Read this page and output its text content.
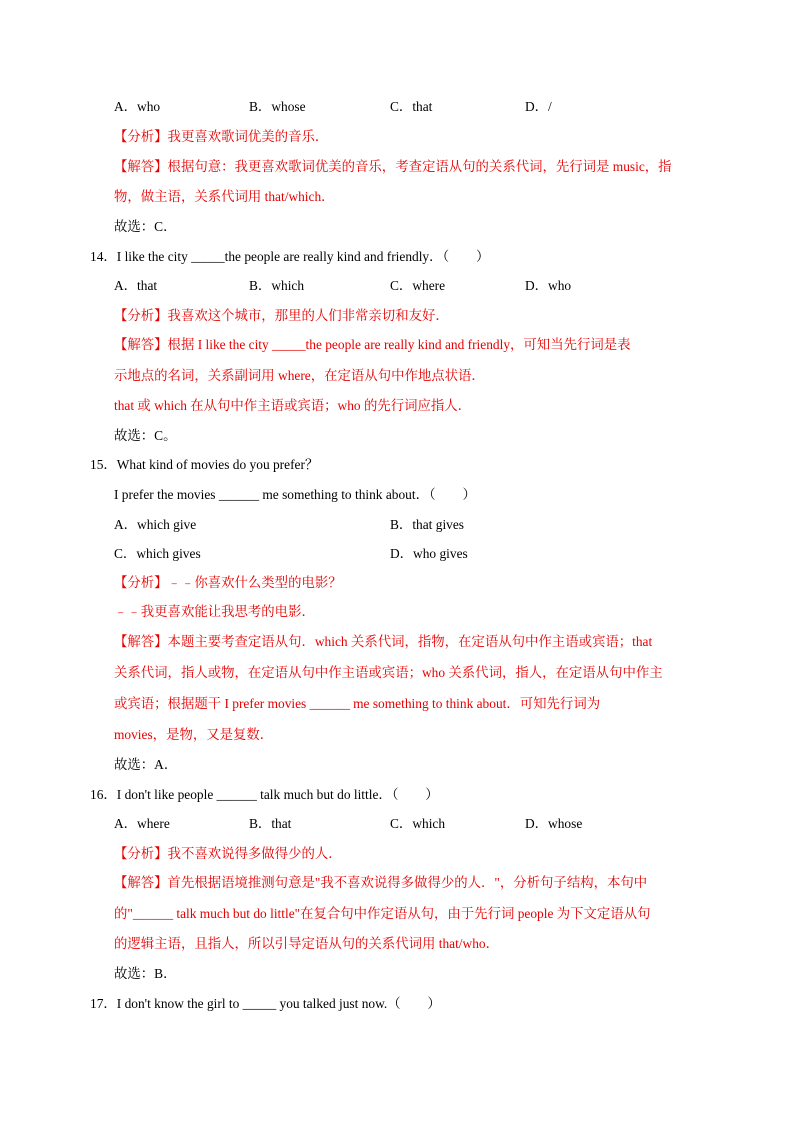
A．who	B．whose	C．that	D．/
【分析】我更喜欢歌词优美的音乐．
【解答】根据句意：我更喜欢歌词优美的音乐，考查定语从句的关系代词，先行词是 music，指
物，做主语，关系代词用 that/which．
故选：C．
14．I like the city _____the people are really kind and friendly．（　　）
A．that	B．which	C．where	D．who
【分析】我喜欢这个城市，那里的人们非常亲切和友好．
【解答】根据 I like the city _____the people are really kind and friendly，可知当先行词是表
示地点的名词，关系副词用 where，在定语从句中作地点状语．
that 或 which 在从句中作主语或宾语；who 的先行词应指人．
故选：C。
15．What kind of movies do you prefer？
I prefer the movies ______ me something to think about．（　　）
A．which give	B．that gives
C．which gives	D．who gives
【分析】﹣﹣你喜欢什么类型的电影？
﹣﹣我更喜欢能让我思考的电影．
【解答】本题主要考查定语从句．which 关系代词，指物，在定语从句中作主语或宾语；that
关系代词，指人或物，在定语从句中作主语或宾语；who 关系代词，指人，在定语从句中作主
或宾语；根据题干 I prefer movies ______ me something to think about．可知先行词为
movies，是物，又是复数．
故选：A．
16．I don't like people ______ talk much but do little．（　　）
A．where	B．that	C．which	D．whose
【分析】我不喜欢说得多做得少的人．
【解答】首先根据语境推测句意是"我不喜欢说得多做得少的人．"，分析句子结构，本句中
的"______ talk much but do little"在复合句中作定语从句，由于先行词 people 为下文定语从句
的逻辑主语，且指人，所以引导定语从句的关系代词用 that/who．
故选：B．
17．I don't know the girl to _____ you talked just now.（　　）
